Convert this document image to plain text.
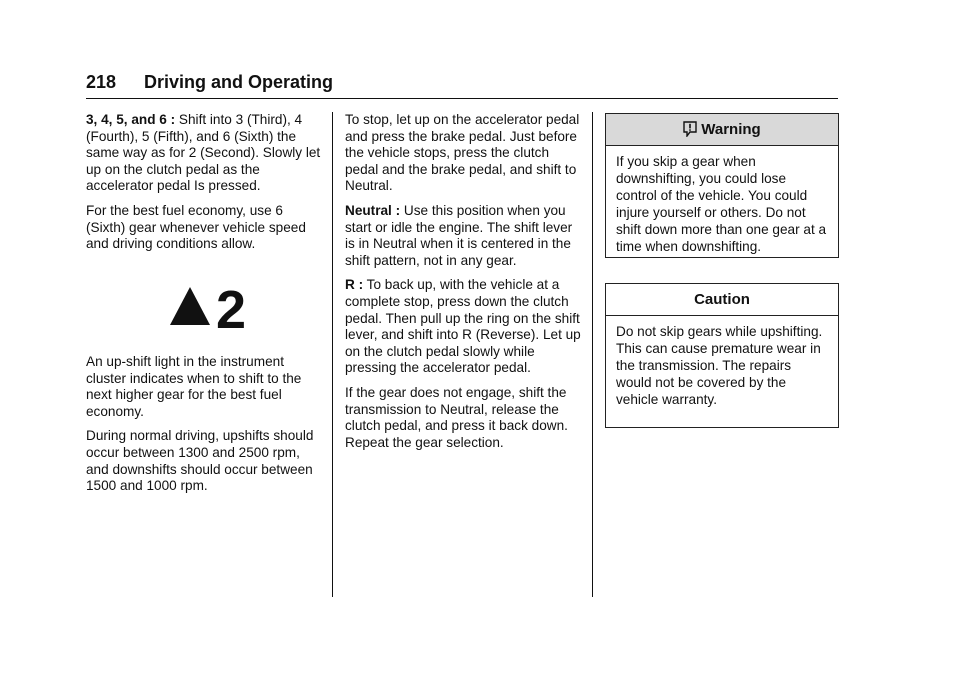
218 Driving and Operating

3, 4, 5, and 6 : Shift into 3 (Third), 4 (Fourth), 5 (Fifth), and 6 (Sixth) the same way as for 2 (Second). Slowly let up on the clutch pedal as the accelerator pedal Is pressed.

For the best fuel economy, use 6 (Sixth) gear whenever vehicle speed and driving conditions allow.

2

An up-shift light in the instrument cluster indicates when to shift to the next higher gear for the best fuel economy.

During normal driving, upshifts should occur between 1300 and 2500 rpm, and downshifts should occur between 1500 and 1000 rpm.

To stop, let up on the accelerator pedal and press the brake pedal. Just before the vehicle stops, press the clutch pedal and the brake pedal, and shift to Neutral.

Neutral : Use this position when you start or idle the engine. The shift lever is in Neutral when it is centered in the shift pattern, not in any gear.

R : To back up, with the vehicle at a complete stop, press down the clutch pedal. Then pull up the ring on the shift lever, and shift into R (Reverse). Let up on the clutch pedal slowly while pressing the accelerator pedal.

If the gear does not engage, shift the transmission to Neutral, release the clutch pedal, and press it back down. Repeat the gear selection.

Warning
If you skip a gear when downshifting, you could lose control of the vehicle. You could injure yourself or others. Do not shift down more than one gear at a time when downshifting.
Caution
Do not skip gears while upshifting. This can cause premature wear in the transmission. The repairs would not be covered by the vehicle warranty.
